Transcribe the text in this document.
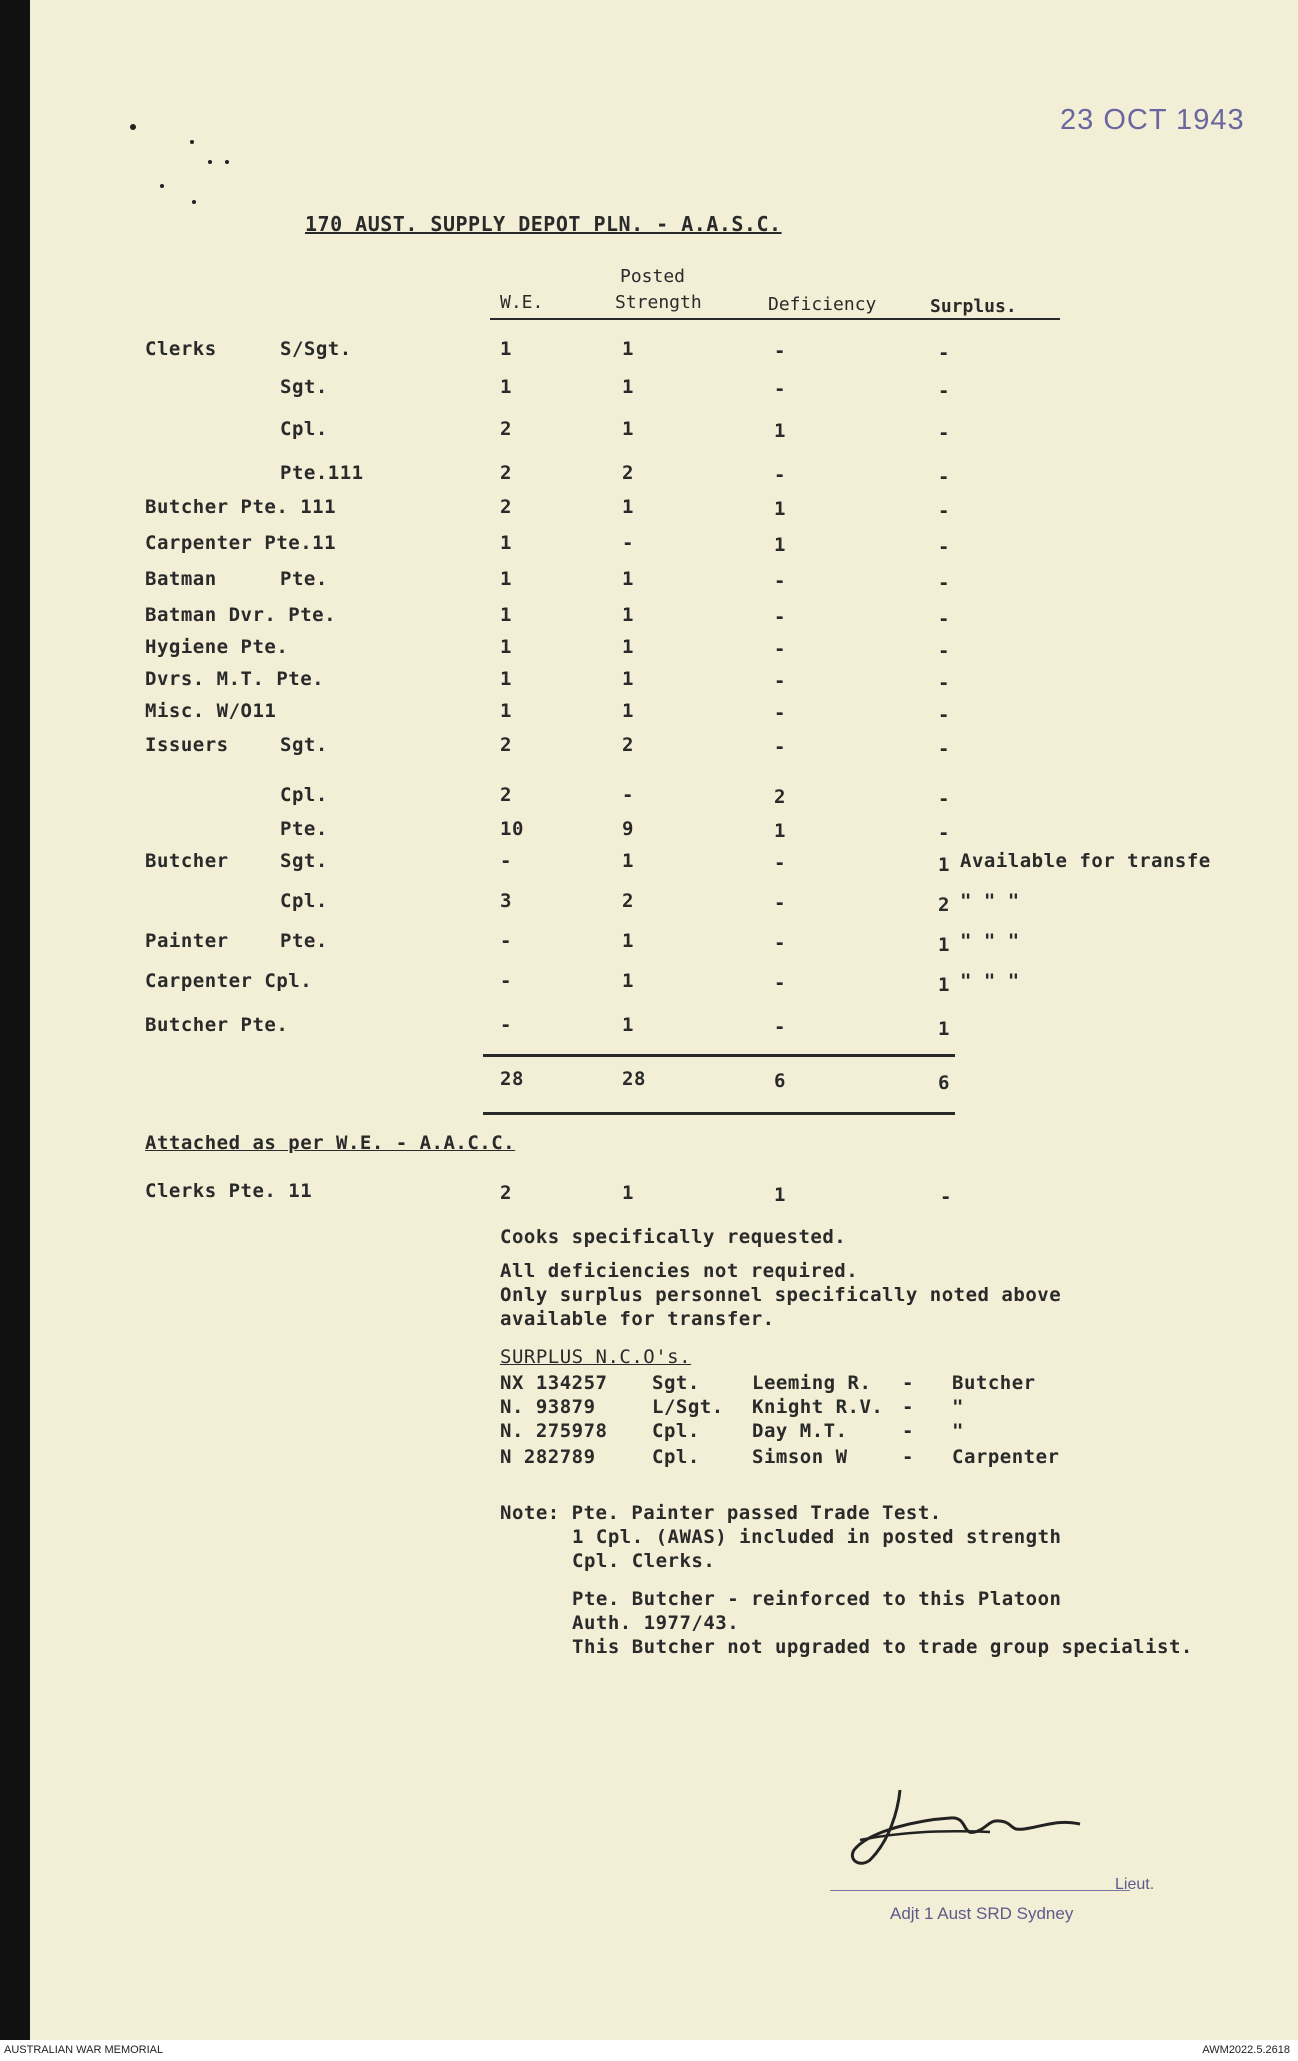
23 OCT 1943
170 AUST. SUPPLY DEPOT PLN. - A.A.S.C.
W.E.
Posted
Strength	Deficiency	Surplus.
Clerks	S/Sgt.	1	1	-	-
Sgt.	1	1	-	-
Cpl.	2	1	1	-
Pte.111	2	2	-	-
Butcher Pte. 111	2	1	1	-
Carpenter Pte.11	1	-	1	-
Batman	Pte.	1	1	-	-
Batman Dvr. Pte.	1	1	-	-
Hygiene Pte.	1	1	-	-
Dvrs. M.T. Pte.	1	1	-	-
Misc. W/O11	1	1	-	-
Issuers	Sgt.	2	2	-	-
Cpl.	2	-	2	-
Pte.	10	9	1	-
Butcher	Sgt.	-	1	-	1 Available for transfe
Cpl.	3	2	-	2 " " "
Painter	Pte.	-	1	-	1 " " "
Carpenter Cpl.	-	1	-	1 " " "
Butcher Pte.	-	1	-	1
28	28	6	6
Attached as per W.E. - A.A.C.C.
Clerks Pte. 11	2	1	1	-
Cooks specifically requested.
All deficiencies not required.
Only surplus personnel specifically noted above
available for transfer.
SURPLUS N.C.O's.
NX 134257 Sgt.	Leeming R. - Butcher
N. 93879	L/Sgt. Knight R.V. - "
N. 275978 Cpl.	Day M.T.	- "
N 282789	Cpl.	Simson W	- Carpenter
Note: Pte. Painter passed Trade Test.
1 Cpl. (AWAS) included in posted strength
Cpl. Clerks.
Pte. Butcher - reinforced to this Platoon
Auth. 1977/43.
This Butcher not upgraded to trade group specialist.
Lieut.
Adjt 1 Aust SRD Sydney
AUSTRALIAN WAR MEMORIAL	AWM2022.5.2618
